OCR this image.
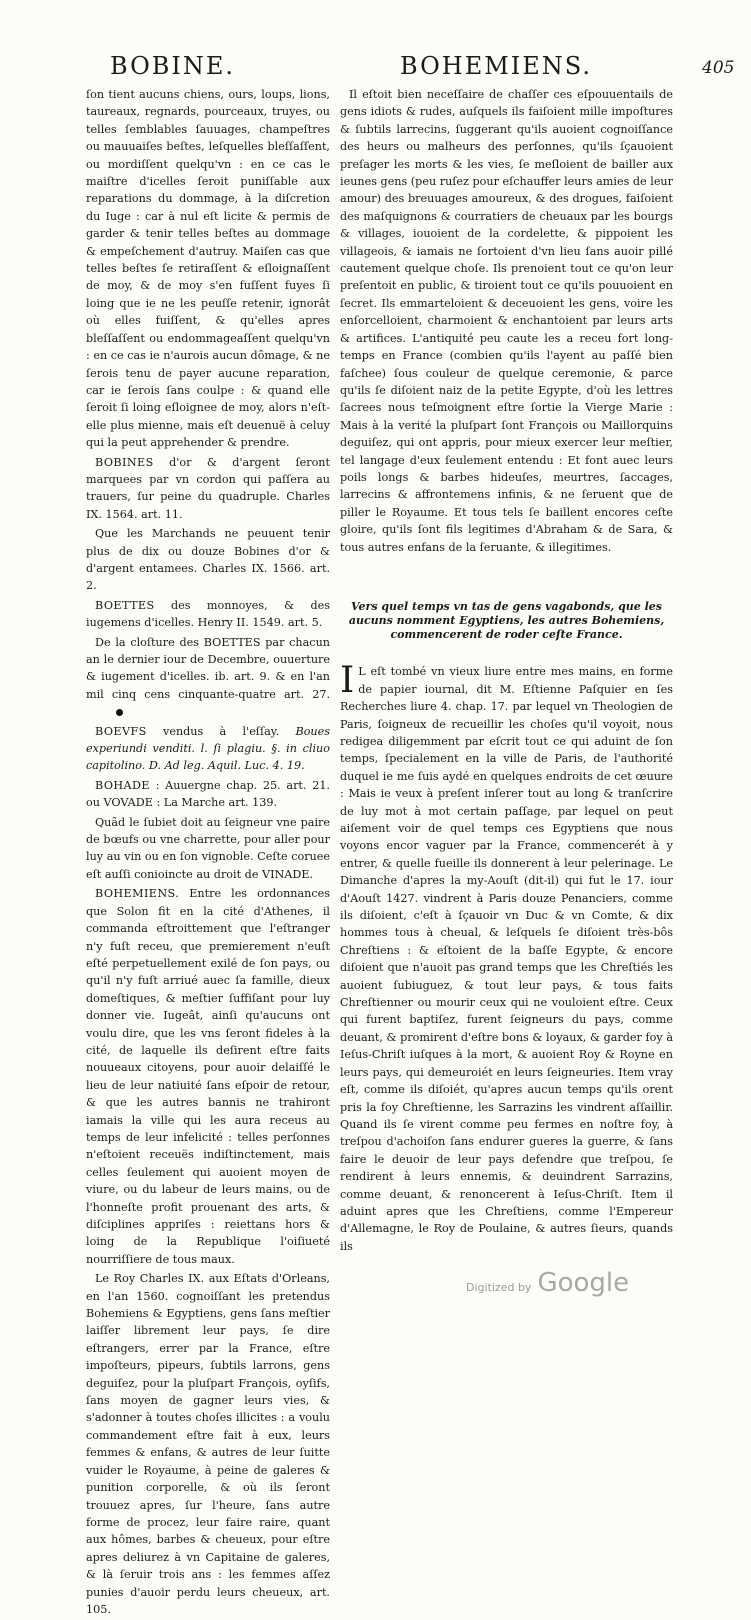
BOBINE.	BOHEMIENS.	405

ſon tient aucuns chiens, ours, loups, lions, taureaux, regnards, pourceaux, truyes, ou telles ſemblables ſauuages, champeſtres ou mauuaiſes beſtes, leſquelles bleſſaſſent, ou mordiſſent quelqu'vn : en ce cas le maiſtre d'icelles ſeroit puniſſable aux reparations du dommage, à la diſcretion du Iuge : car à nul eſt licite & permis de garder & tenir telles beſtes au dommage & empeſchement d'autruy. Maiſen cas que telles beſtes ſe retiraſſent & eſloignaſſent de moy, & de moy s'en fuſſent fuyes ſi loing que ie ne les peuſſe retenir, ignorât où elles fuiſſent, & qu'elles apres bleſſaſſent ou endommageaſſent quelqu'vn : en ce cas ie n'aurois aucun dômage, & ne ſerois tenu de payer aucune reparation, car ie ſerois ſans coulpe : & quand elle ſeroit ſi loing eſloignee de moy, alors n'eſt-elle plus mienne, mais eſt deuenuë à celuy qui la peut apprehender & prendre.

BOBINES d'or & d'argent ſeront marquees par vn cordon qui paſſera au trauers, ſur peine du quadruple. Charles IX. 1564. art. 11.

Que les Marchands ne peuuent tenir plus de dix ou douze Bobines d'or & d'argent entamees. Charles IX. 1566. art. 2.

BOETTES des monnoyes, & des iugemens d'icelles. Henry II. 1549. art. 5.

De la cloſture des BOETTES par chacun an le dernier iour de Decembre, ouuerture & iugement d'icelles. ib. art. 9. & en l'an mil cinq cens cinquante-quatre art. 27.

BOEVFS vendus à l'eſſay. Boues experiundi venditi. l. ſi plagiu. §. in cliuo capitolino. D. Ad leg. Aquil. Luc. 4. 19.

BOHADE : Auuergne chap. 25. art. 21. ou VOVADE : La Marche art. 139.

Quãd le ſubiet doit au ſeigneur vne paire de bœufs ou vne charrette, pour aller pour luy au vin ou en ſon vignoble. Ceſte coruee eſt auſſi conioincte au droit de VINADE.

BOHEMIENS. Entre les ordonnances que Solon fit en la cité d'Athenes, il commanda eſtroittement que l'eſtranger n'y fuſt receu, que premierement n'euſt eſté perpetuellement exilé de ſon pays, ou qu'il n'y fuſt arriué auec ſa famille, dieux domeſtiques, & meſtier ſuffiſant pour luy donner vie. Iugeât, ainſi qu'aucuns ont voulu dire, que les vns ſeront fideles à la cité, de laquelle ils deſirent eſtre faits nouueaux citoyens, pour auoir delaiſſé le lieu de leur natiuité ſans eſpoir de retour, & que les autres bannis ne trahiront iamais la ville qui les aura receus au temps de leur infelicité : telles perſonnes n'eſtoient receuës indiſtinctement, mais celles ſeulement qui auoient moyen de viure, ou du labeur de leurs mains, ou de l'honneſte profit prouenant des arts, & diſciplines appriſes : reiettans hors & loing de la Republique l'oiſiueté nourriſſiere de tous maux.

Le Roy Charles IX. aux Eſtats d'Orleans, en l'an 1560. cognoiſſant les pretendus Bohemiens & Egyptiens, gens ſans meſtier laiſſer librement leur pays, ſe dire eſtrangers, errer par la France, eſtre impoſteurs, pipeurs, ſubtils larrons, gens deguiſez, pour la pluſpart François, oyſifs, ſans moyen de gagner leurs vies, & s'adonner à toutes choſes illicites : a voulu commandement eſtre fait à eux, leurs femmes & enfans, & autres de leur ſuitte vuider le Royaume, à peine de galeres & punition corporelle, & où ils ſeront trouuez apres, ſur l'heure, ſans autre forme de procez, leur faire raire, quant aux hômes, barbes & cheueux, pour eſtre apres deliurez à vn Capitaine de galeres, & là ſeruir trois ans : les femmes aſſez punies d'auoir perdu leurs cheueux, art. 105.

Il eſtoit bien neceſſaire de chaſſer ces eſpouuentails de gens idiots & rudes, auſquels ils faiſoient mille impoſtures & ſubtils larrecins, ſuggerant qu'ils auoient cognoiſſance des heurs ou malheurs des perſonnes, qu'ils ſçauoient preſager les morts & les vies, ſe meſloient de bailler aux ieunes gens (peu ruſez pour eſchauffer leurs amies de leur amour) des breuuages amoureux, & des drogues, faiſoient des maſquignons & courratiers de cheuaux par les bourgs & villages, iouoient de la cordelette, & pippoient les villageois, & iamais ne ſortoient d'vn lieu ſans auoir pillé cautement quelque choſe. Ils prenoient tout ce qu'on leur preſentoit en public, & tiroient tout ce qu'ils pouuoient en ſecret. Ils emmarteloient & deceuoient les gens, voire les enſorcelloient, charmoient & enchantoient par leurs arts & artifices. L'antiquité peu caute les a receu fort long-temps en France (combien qu'ils l'ayent au paſſé bien faſchee) ſous couleur de quelque ceremonie, & parce qu'ils ſe diſoient naiz de la petite Egypte, d'où les lettres ſacrees nous teſmoignent eſtre ſortie la Vierge Marie : Mais à la verité la pluſpart ſont François ou Maillorquins deguiſez, qui ont appris, pour mieux exercer leur meſtier, tel langage d'eux ſeulement entendu : Et font auec leurs poils longs & barbes hideuſes, meurtres, ſaccages, larrecins & affrontemens infinis, & ne ſeruent que de piller le Royaume. Et tous tels ſe baillent encores ceſte gloire, qu'ils ſont fils legitimes d'Abraham & de Sara, & tous autres enfans de la ſeruante, & illegitimes.

Vers quel temps vn tas de gens vagabonds, que les aucuns nomment Egyptiens, les autres Bohemiens, commencerent de roder ceſte France.

I L eſt tombé vn vieux liure entre mes mains, en forme de papier iournal, dit M. Eſtienne Paſquier en ſes Recherches liure 4. chap. 17. par lequel vn Theologien de Paris, ſoigneux de recueillir les choſes qu'il voyoit, nous redigea diligemment par eſcrit tout ce qui aduint de ſon temps, ſpecialement en la ville de Paris, de l'authorité duquel ie me ſuis aydé en quelques endroits de cet œuure : Mais ie veux à preſent inſerer tout au long & tranſcrire de luy mot à mot certain paſſage, par lequel on peut aiſement voir de quel temps ces Egyptiens que nous voyons encor vaguer par la France, commencerét à y entrer, & quelle fueille ils donnerent à leur pelerinage. Le Dimanche d'apres la my-Aouſt (dit-il) qui fut le 17. iour d'Aouſt 1427. vindrent à Paris douze Penanciers, comme ils diſoient, c'eſt à ſçauoir vn Duc & vn Comte, & dix hommes tous à cheual, & leſquels ſe diſoient très-bôs Chreſtiens : & eſtoient de la baſſe Egypte, & encore diſoient que n'auoit pas grand temps que les Chreſtiés les auoient ſubiuguez, & tout leur pays, & tous faits Chreſtienner ou mourir ceux qui ne vouloient eſtre. Ceux qui furent baptiſez, furent ſeigneurs du pays, comme deuant, & promirent d'eſtre bons & loyaux, & garder foy à Ieſus-Chriſt iuſques à la mort, & auoient Roy & Royne en leurs pays, qui demeuroiét en leurs ſeigneuries. Item vray eſt, comme ils diſoiét, qu'apres aucun temps qu'ils orent pris la foy Chreſtienne, les Sarrazins les vindrent aſſaillir. Quand ils ſe virent comme peu fermes en noſtre foy, à treſpou d'achoiſon ſans endurer gueres la guerre, & ſans faire le deuoir de leur pays defendre que treſpou, ſe rendirent à leurs ennemis, & deuindrent Sarrazins, comme deuant, & renoncerent à Ieſus-Chriſt. Item il aduint apres que les Chreſtiens, comme l'Empereur d'Allemagne, le Roy de Poulaine, & autres ſieurs, quands ils

Digitized by Google
